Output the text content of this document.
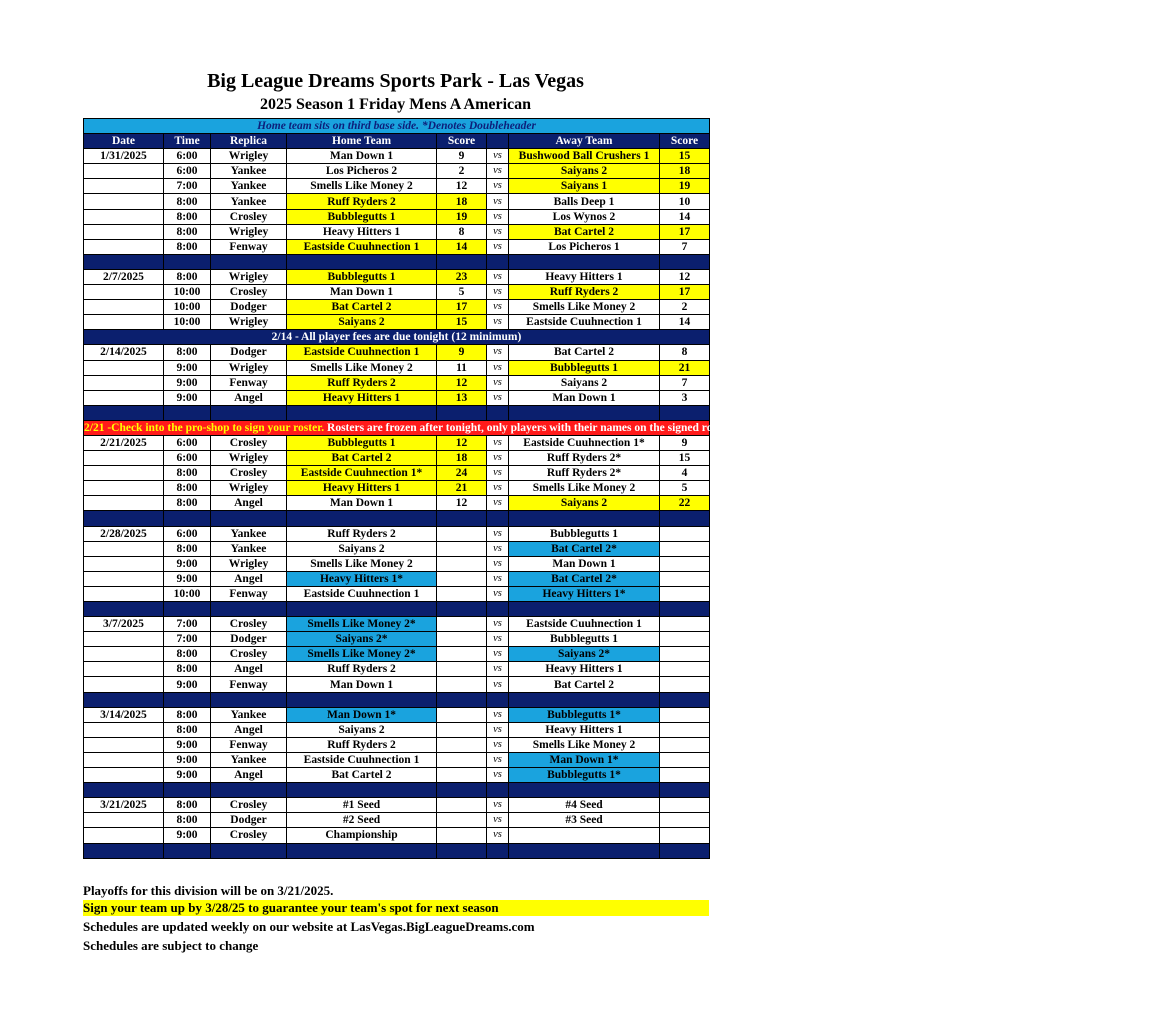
Big League Dreams Sports Park - Las Vegas
2025 Season 1 Friday Mens A American
Home team sits on third base side. *Denotes Doubleheader							
Date	Time	Replica	Home Team	Score		Away Team	Score
1/31/2025	6:00	Wrigley	Man Down 1	9	vs	Bushwood Ball Crushers 1	15
	6:00	Yankee	Los Picheros 2	2	vs	Saiyans 2	18
	7:00	Yankee	Smells Like Money 2	12	vs	Saiyans 1	19
	8:00	Yankee	Ruff Ryders 2	18	vs	Balls Deep 1	10
	8:00	Crosley	Bubblegutts 1	19	vs	Los Wynos 2	14
	8:00	Wrigley	Heavy Hitters 1	8	vs	Bat Cartel 2	17
	8:00	Fenway	Eastside Cuuhnection 1	14	vs	Los Picheros 1	7

2/7/2025	8:00	Wrigley	Bubblegutts 1	23	vs	Heavy Hitters 1	12
	10:00	Crosley	Man Down 1	5	vs	Ruff Ryders 2	17
	10:00	Dodger	Bat Cartel 2	17	vs	Smells Like Money 2	2
	10:00	Wrigley	Saiyans 2	15	vs	Eastside Cuuhnection 1	14
2/14 - All player fees are due tonight (12 minimum)							
2/14/2025	8:00	Dodger	Eastside Cuuhnection 1	9	vs	Bat Cartel 2	8
	9:00	Wrigley	Smells Like Money 2	11	vs	Bubblegutts 1	21
	9:00	Fenway	Ruff Ryders 2	12	vs	Saiyans 2	7
	9:00	Angel	Heavy Hitters 1	13	vs	Man Down 1	3

2/21 -Check into the pro-shop to sign your roster. Rosters are frozen after tonight, only players with their names on the signed roster are eligible for playoffs. Please check carefully as changes will not be made for omissions.							
2/21/2025	6:00	Crosley	Bubblegutts 1	12	vs	Eastside Cuuhnection 1*	9
	6:00	Wrigley	Bat Cartel 2	18	vs	Ruff Ryders 2*	15
	8:00	Crosley	Eastside Cuuhnection 1*	24	vs	Ruff Ryders 2*	4
	8:00	Wrigley	Heavy Hitters 1	21	vs	Smells Like Money 2	5
	8:00	Angel	Man Down 1	12	vs	Saiyans 2	22

2/28/2025	6:00	Yankee	Ruff Ryders 2		vs	Bubblegutts 1	
	8:00	Yankee	Saiyans 2		vs	Bat Cartel 2*	
	9:00	Wrigley	Smells Like Money 2		vs	Man Down 1	
	9:00	Angel	Heavy Hitters 1*		vs	Bat Cartel 2*	
	10:00	Fenway	Eastside Cuuhnection 1		vs	Heavy Hitters 1*	

3/7/2025	7:00	Crosley	Smells Like Money 2*		vs	Eastside Cuuhnection 1	
	7:00	Dodger	Saiyans 2*		vs	Bubblegutts 1	
	8:00	Crosley	Smells Like Money 2*		vs	Saiyans 2*	
	8:00	Angel	Ruff Ryders 2		vs	Heavy Hitters 1	
	9:00	Fenway	Man Down 1		vs	Bat Cartel 2	

3/14/2025	8:00	Yankee	Man Down 1*		vs	Bubblegutts 1*	
	8:00	Angel	Saiyans 2		vs	Heavy Hitters 1	
	9:00	Fenway	Ruff Ryders 2		vs	Smells Like Money 2	
	9:00	Yankee	Eastside Cuuhnection 1		vs	Man Down 1*	
	9:00	Angel	Bat Cartel 2		vs	Bubblegutts 1*	

3/21/2025	8:00	Crosley	#1 Seed		vs	#4 Seed	
	8:00	Dodger	#2 Seed		vs	#3 Seed	
	9:00	Crosley	Championship		vs		

Playoffs for this division will be on 3/21/2025.
Sign your team up by 3/28/25 to guarantee your team's spot for next season
Schedules are updated weekly on our website at LasVegas.BigLeagueDreams.com
Schedules are subject to change
